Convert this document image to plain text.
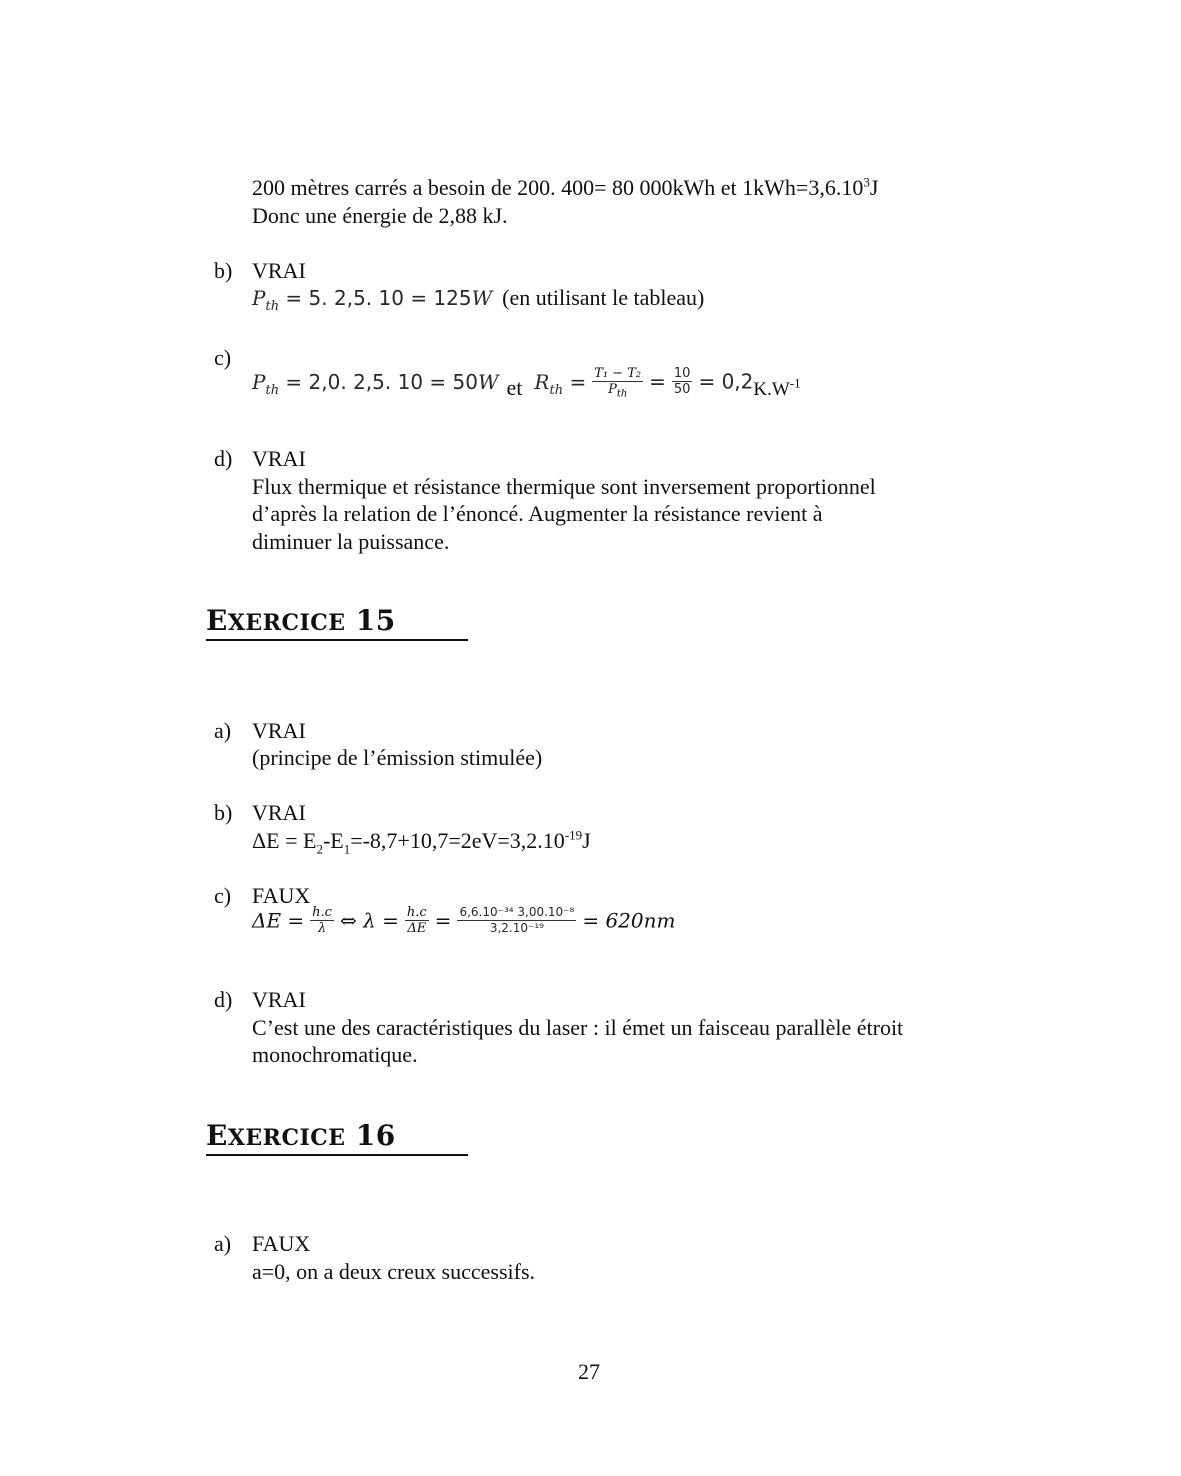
200 mètres carrés a besoin de 200. 400= 80 000kWh et $1kWh=3,6.10^3J$
Donc une énergie de 2,88 kJ.
b) VRAI
$P_{th} = 5$. 2,5. 10 = 125W (en utilisant le tableau)
c)
$P_{th} = 2,0$. 2,5. 10 = 50W et $R_{th} = \frac{\text{T₁ − T₂}}{P_{th}} = \frac{10}{50} = 0,2K.W^{-1}$
d) VRAI
Flux thermique et résistance thermique sont inversement proportionnel
d’après la relation de l’énoncé. Augmenter la résistance revient à
diminuer la puissance.
EXERCICE 15
a) VRAI
(principe de l’émission stimulée)
b) VRAI
$\Delta E = E_2-E_1=-8,7+10,7=2eV=3,2.10^{-19}J$
c) FAUX
$\Delta E = \frac{h.c}{\lambda}$ ⇔ $\lambda = \frac{h.c}{\Delta E} = \frac{\text{6,6.10⁻³⁴ 3,00.10⁻⁸}}{\text{3,2.10⁻¹⁹}} = 620nm$
d) VRAI
C’est une des caractéristiques du laser : il émet un faisceau parallèle étroit
monochromatique.
EXERCICE 16
a) FAUX
a=0, on a deux creux successifs.
27
